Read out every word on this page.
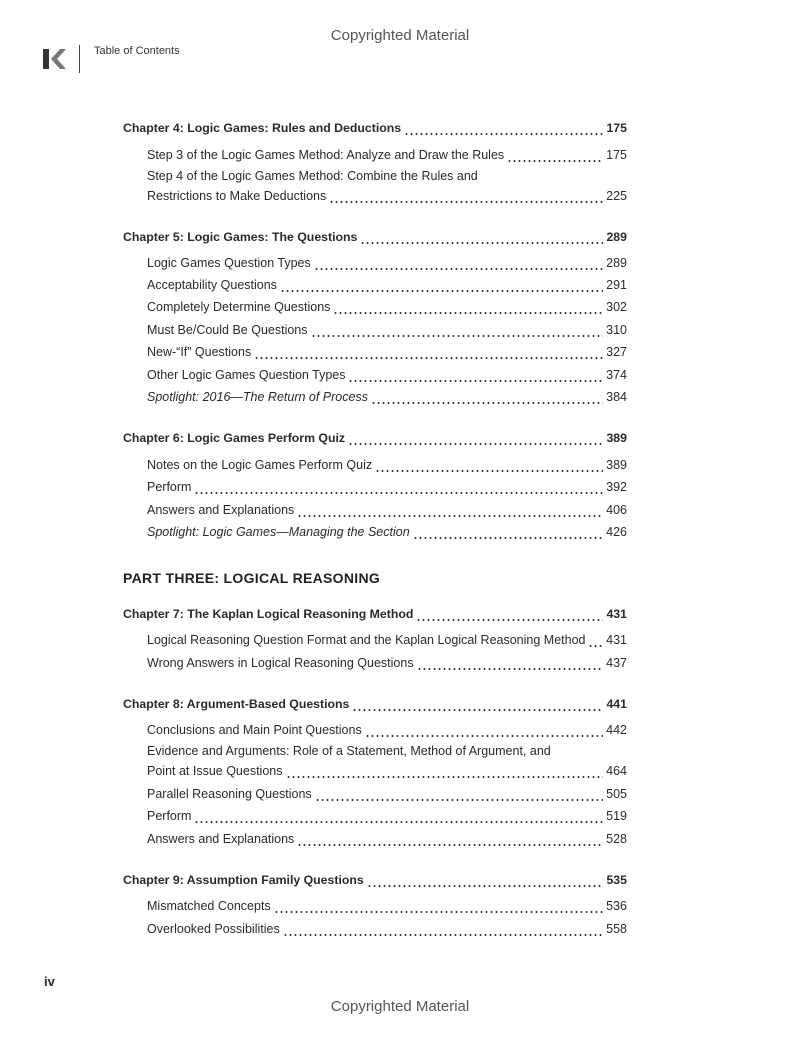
Copyrighted Material
Table of Contents
Chapter 4: Logic Games: Rules and Deductions	175
Step 3 of the Logic Games Method: Analyze and Draw the Rules	175
Step 4 of the Logic Games Method: Combine the Rules and
Restrictions to Make Deductions	225
Chapter 5: Logic Games: The Questions	289
Logic Games Question Types	289
Acceptability Questions	291
Completely Determine Questions	302
Must Be/Could Be Questions	310
New-“If” Questions	327
Other Logic Games Question Types	374
Spotlight: 2016—The Return of Process	384
Chapter 6: Logic Games Perform Quiz	389
Notes on the Logic Games Perform Quiz	389
Perform	392
Answers and Explanations	406
Spotlight: Logic Games—Managing the Section	426
Chapter 7: The Kaplan Logical Reasoning Method	431
Logical Reasoning Question Format and the Kaplan Logical Reasoning Method 431
Wrong Answers in Logical Reasoning Questions	437
Chapter 8: Argument-Based Questions	441
Conclusions and Main Point Questions	442
Evidence and Arguments: Role of a Statement, Method of Argument, and
Point at Issue Questions	464
Parallel Reasoning Questions	505
Perform	519
Answers and Explanations	528
Chapter 9: Assumption Family Questions	535
Mismatched Concepts	536
Overlooked Possibilities	558
PART THREE: LOGICAL REASONING
iv
Copyrighted Material
